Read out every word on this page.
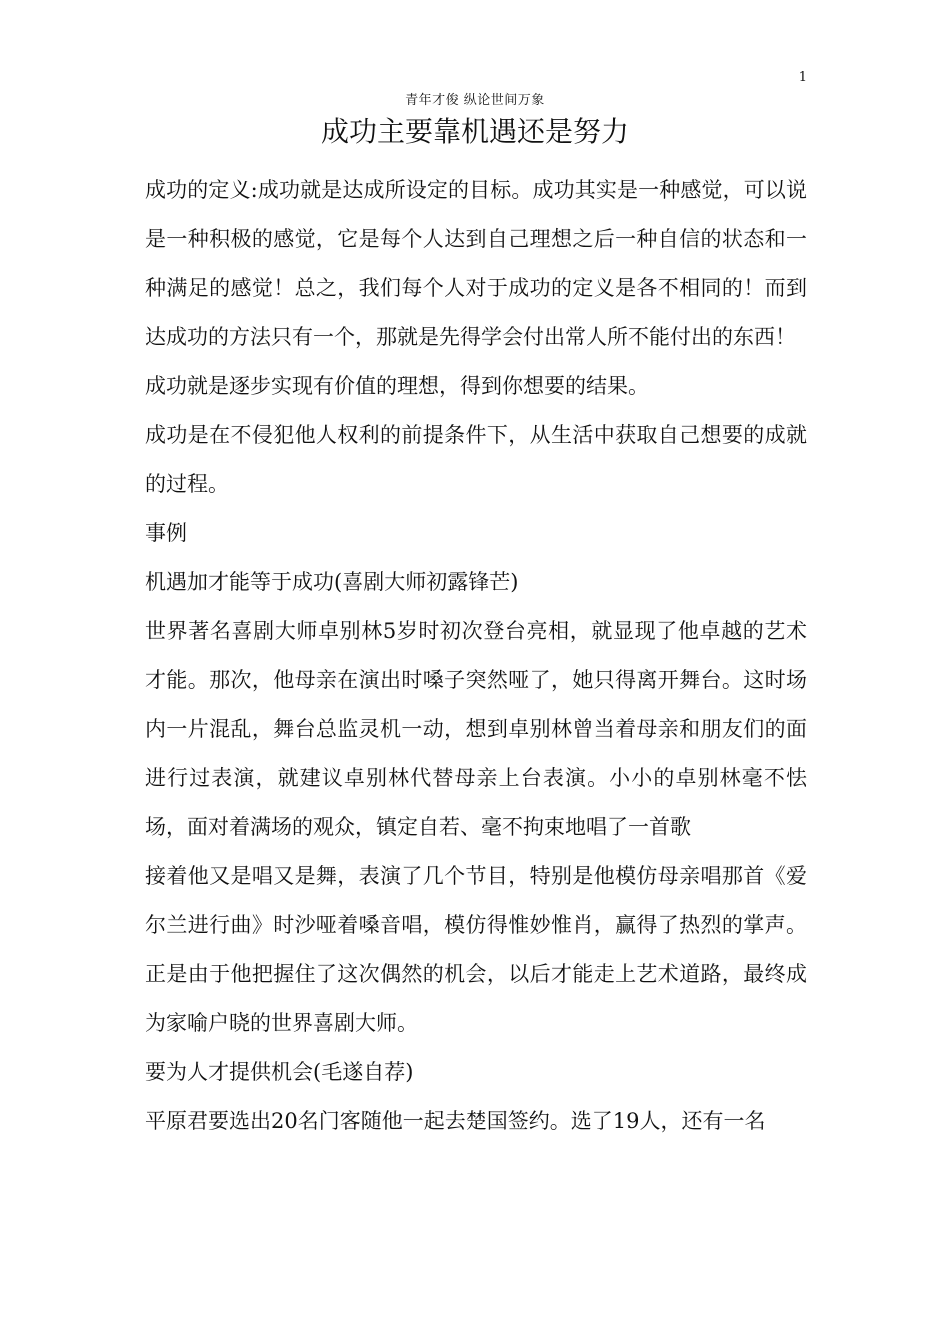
1
青年才俊 纵论世间万象
成功主要靠机遇还是努力

成功的定义:成功就是达成所设定的目标。成功其实是一种感觉，可以说是一种积极的感觉，它是每个人达到自己理想之后一种自信的状态和一种满足的感觉！总之，我们每个人对于成功的定义是各不相同的！而到达成功的方法只有一个，那就是先得学会付出常人所不能付出的东西！

成功就是逐步实现有价值的理想，得到你想要的结果。

成功是在不侵犯他人权利的前提条件下，从生活中获取自己想要的成就的过程。

事例

机遇加才能等于成功(喜剧大师初露锋芒)

世界著名喜剧大师卓别林5岁时初次登台亮相，就显现了他卓越的艺术才能。那次，他母亲在演出时嗓子突然哑了，她只得离开舞台。这时场内一片混乱，舞台总监灵机一动，想到卓别林曾当着母亲和朋友们的面进行过表演，就建议卓别林代替母亲上台表演。小小的卓别林毫不怯场，面对着满场的观众，镇定自若、毫不拘束地唱了一首歌

接着他又是唱又是舞，表演了几个节目，特别是他模仿母亲唱那首《爱尔兰进行曲》时沙哑着嗓音唱，模仿得惟妙惟肖，赢得了热烈的掌声。正是由于他把握住了这次偶然的机会，以后才能走上艺术道路，最终成为家喻户晓的世界喜剧大师。

要为人才提供机会(毛遂自荐)

平原君要选出20名门客随他一起去楚国签约。选了19人，还有一名
